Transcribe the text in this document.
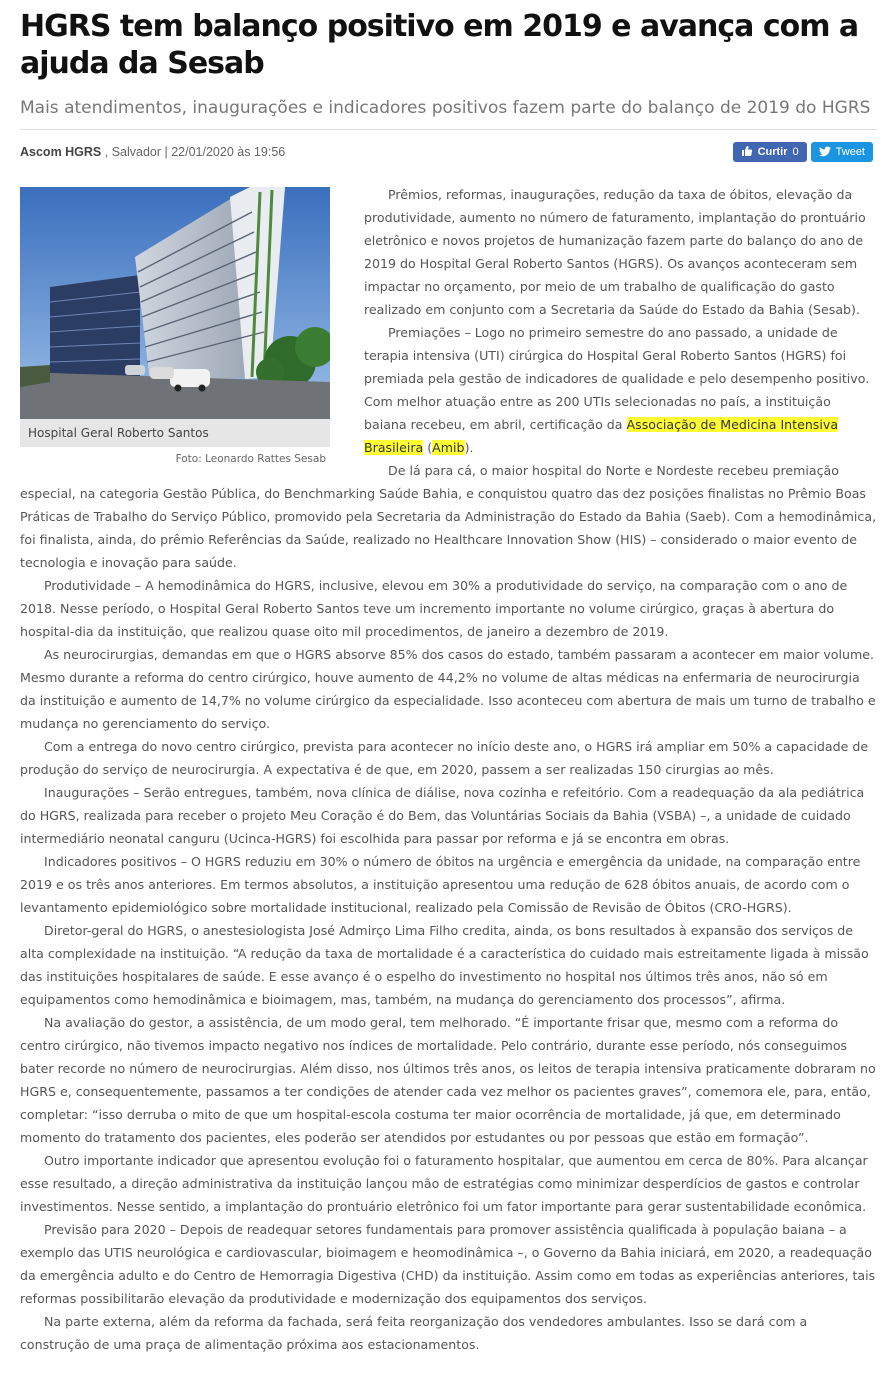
HGRS tem balanço positivo em 2019 e avança com a ajuda da Sesab
Mais atendimentos, inaugurações e indicadores positivos fazem parte do balanço de 2019 do HGRS
Ascom HGRS , Salvador | 22/01/2020 às 19:56	Curtir 0	Tweet
Hospital Geral Roberto Santos
Foto: Leonardo Rattes Sesab

Prêmios, reformas, inaugurações, redução da taxa de óbitos, elevação da produtividade, aumento no número de faturamento, implantação do prontuário eletrônico e novos projetos de humanização fazem parte do balanço do ano de 2019 do Hospital Geral Roberto Santos (HGRS). Os avanços aconteceram sem impactar no orçamento, por meio de um trabalho de qualificação do gasto realizado em conjunto com a Secretaria da Saúde do Estado da Bahia (Sesab).

Premiações – Logo no primeiro semestre do ano passado, a unidade de terapia intensiva (UTI) cirúrgica do Hospital Geral Roberto Santos (HGRS) foi premiada pela gestão de indicadores de qualidade e pelo desempenho positivo. Com melhor atuação entre as 200 UTIs selecionadas no país, a instituição baiana recebeu, em abril, certificação da Associação de Medicina Intensiva Brasileira (Amib).

De lá para cá, o maior hospital do Norte e Nordeste recebeu premiação especial, na categoria Gestão Pública, do Benchmarking Saúde Bahia, e conquistou quatro das dez posições finalistas no Prêmio Boas Práticas de Trabalho do Serviço Público, promovido pela Secretaria da Administração do Estado da Bahia (Saeb). Com a hemodinâmica, foi finalista, ainda, do prêmio Referências da Saúde, realizado no Healthcare Innovation Show (HIS) – considerado o maior evento de tecnologia e inovação para saúde.

Produtividade – A hemodinâmica do HGRS, inclusive, elevou em 30% a produtividade do serviço, na comparação com o ano de 2018. Nesse período, o Hospital Geral Roberto Santos teve um incremento importante no volume cirúrgico, graças à abertura do hospital-dia da instituição, que realizou quase oito mil procedimentos, de janeiro a dezembro de 2019.

As neurocirurgias, demandas em que o HGRS absorve 85% dos casos do estado, também passaram a acontecer em maior volume. Mesmo durante a reforma do centro cirúrgico, houve aumento de 44,2% no volume de altas médicas na enfermaria de neurocirurgia da instituição e aumento de 14,7% no volume cirúrgico da especialidade. Isso aconteceu com abertura de mais um turno de trabalho e mudança no gerenciamento do serviço.

Com a entrega do novo centro cirúrgico, prevista para acontecer no início deste ano, o HGRS irá ampliar em 50% a capacidade de produção do serviço de neurocirurgia. A expectativa é de que, em 2020, passem a ser realizadas 150 cirurgias ao mês.

Inaugurações – Serão entregues, também, nova clínica de diálise, nova cozinha e refeitório. Com a readequação da ala pediátrica do HGRS, realizada para receber o projeto Meu Coração é do Bem, das Voluntárias Sociais da Bahia (VSBA) –, a unidade de cuidado intermediário neonatal canguru (Ucinca-HGRS) foi escolhida para passar por reforma e já se encontra em obras.

Indicadores positivos – O HGRS reduziu em 30% o número de óbitos na urgência e emergência da unidade, na comparação entre 2019 e os três anos anteriores. Em termos absolutos, a instituição apresentou uma redução de 628 óbitos anuais, de acordo com o levantamento epidemiológico sobre mortalidade institucional, realizado pela Comissão de Revisão de Óbitos (CRO-HGRS).

Diretor-geral do HGRS, o anestesiologista José Admirço Lima Filho credita, ainda, os bons resultados à expansão dos serviços de alta complexidade na instituição. “A redução da taxa de mortalidade é a característica do cuidado mais estreitamente ligada à missão das instituições hospitalares de saúde. E esse avanço é o espelho do investimento no hospital nos últimos três anos, não só em equipamentos como hemodinâmica e bioimagem, mas, também, na mudança do gerenciamento dos processos”, afirma.

Na avaliação do gestor, a assistência, de um modo geral, tem melhorado. “É importante frisar que, mesmo com a reforma do centro cirúrgico, não tivemos impacto negativo nos índices de mortalidade. Pelo contrário, durante esse período, nós conseguimos bater recorde no número de neurocirurgias. Além disso, nos últimos três anos, os leitos de terapia intensiva praticamente dobraram no HGRS e, consequentemente, passamos a ter condições de atender cada vez melhor os pacientes graves”, comemora ele, para, então, completar: “isso derruba o mito de que um hospital-escola costuma ter maior ocorrência de mortalidade, já que, em determinado momento do tratamento dos pacientes, eles poderão ser atendidos por estudantes ou por pessoas que estão em formação”.

Outro importante indicador que apresentou evolução foi o faturamento hospitalar, que aumentou em cerca de 80%. Para alcançar esse resultado, a direção administrativa da instituição lançou mão de estratégias como minimizar desperdícios de gastos e controlar investimentos. Nesse sentido, a implantação do prontuário eletrônico foi um fator importante para gerar sustentabilidade econômica.

Previsão para 2020 – Depois de readequar setores fundamentais para promover assistência qualificada à população baiana – a exemplo das UTIS neurológica e cardiovascular, bioimagem e heomodinâmica –, o Governo da Bahia iniciará, em 2020, a readequação da emergência adulto e do Centro de Hemorragia Digestiva (CHD) da instituição. Assim como em todas as experiências anteriores, tais reformas possibilitarão elevação da produtividade e modernização dos equipamentos dos serviços.

Na parte externa, além da reforma da fachada, será feita reorganização dos vendedores ambulantes. Isso se dará com a construção de uma praça de alimentação próxima aos estacionamentos.
